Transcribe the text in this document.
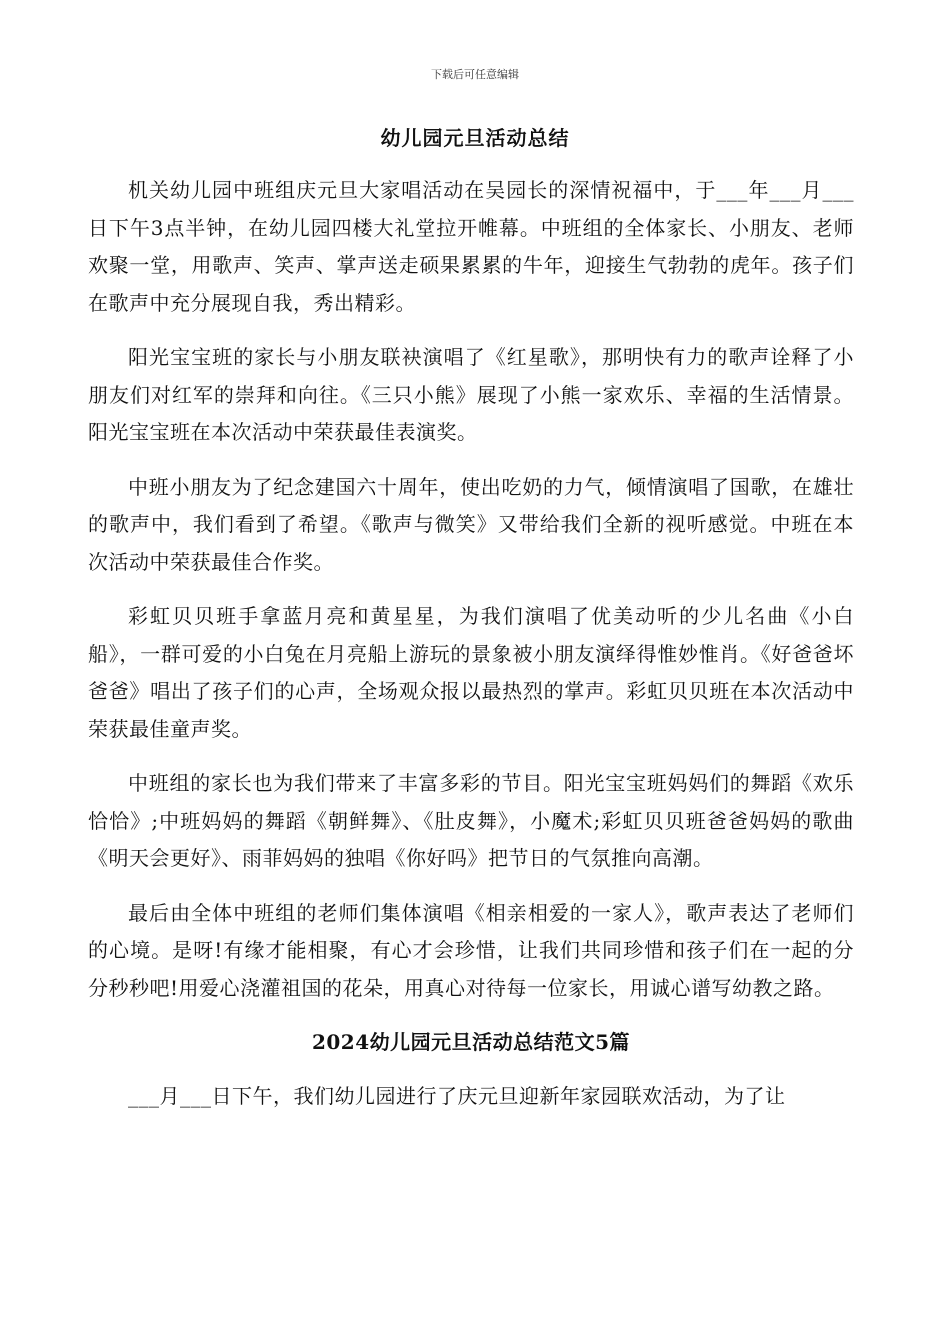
下载后可任意编辑
幼儿园元旦活动总结

机关幼儿园中班组庆元旦大家唱活动在吴园长的深情祝福中，于___年___月___日下午3点半钟，在幼儿园四楼大礼堂拉开帷幕。中班组的全体家长、小朋友、老师欢聚一堂，用歌声、笑声、掌声送走硕果累累的牛年，迎接生气勃勃的虎年。孩子们在歌声中充分展现自我，秀出精彩。

阳光宝宝班的家长与小朋友联袂演唱了《红星歌》，那明快有力的歌声诠释了小朋友们对红军的崇拜和向往。《三只小熊》展现了小熊一家欢乐、幸福的生活情景。阳光宝宝班在本次活动中荣获最佳表演奖。

中班小朋友为了纪念建国六十周年，使出吃奶的力气，倾情演唱了国歌，在雄壮的歌声中，我们看到了希望。《歌声与微笑》又带给我们全新的视听感觉。中班在本次活动中荣获最佳合作奖。

彩虹贝贝班手拿蓝月亮和黄星星，为我们演唱了优美动听的少儿名曲《小白船》，一群可爱的小白兔在月亮船上游玩的景象被小朋友演绎得惟妙惟肖。《好爸爸坏爸爸》唱出了孩子们的心声，全场观众报以最热烈的掌声。彩虹贝贝班在本次活动中荣获最佳童声奖。

中班组的家长也为我们带来了丰富多彩的节目。阳光宝宝班妈妈们的舞蹈《欢乐恰恰》;中班妈妈的舞蹈《朝鲜舞》、《肚皮舞》，小魔术;彩虹贝贝班爸爸妈妈的歌曲《明天会更好》、雨菲妈妈的独唱《你好吗》把节日的气氛推向高潮。

最后由全体中班组的老师们集体演唱《相亲相爱的一家人》，歌声表达了老师们的心境。是呀!有缘才能相聚，有心才会珍惜，让我们共同珍惜和孩子们在一起的分分秒秒吧!用爱心浇灌祖国的花朵，用真心对待每一位家长，用诚心谱写幼教之路。

2024幼儿园元旦活动总结范文5篇

___月___日下午，我们幼儿园进行了庆元旦迎新年家园联欢活动，为了让
